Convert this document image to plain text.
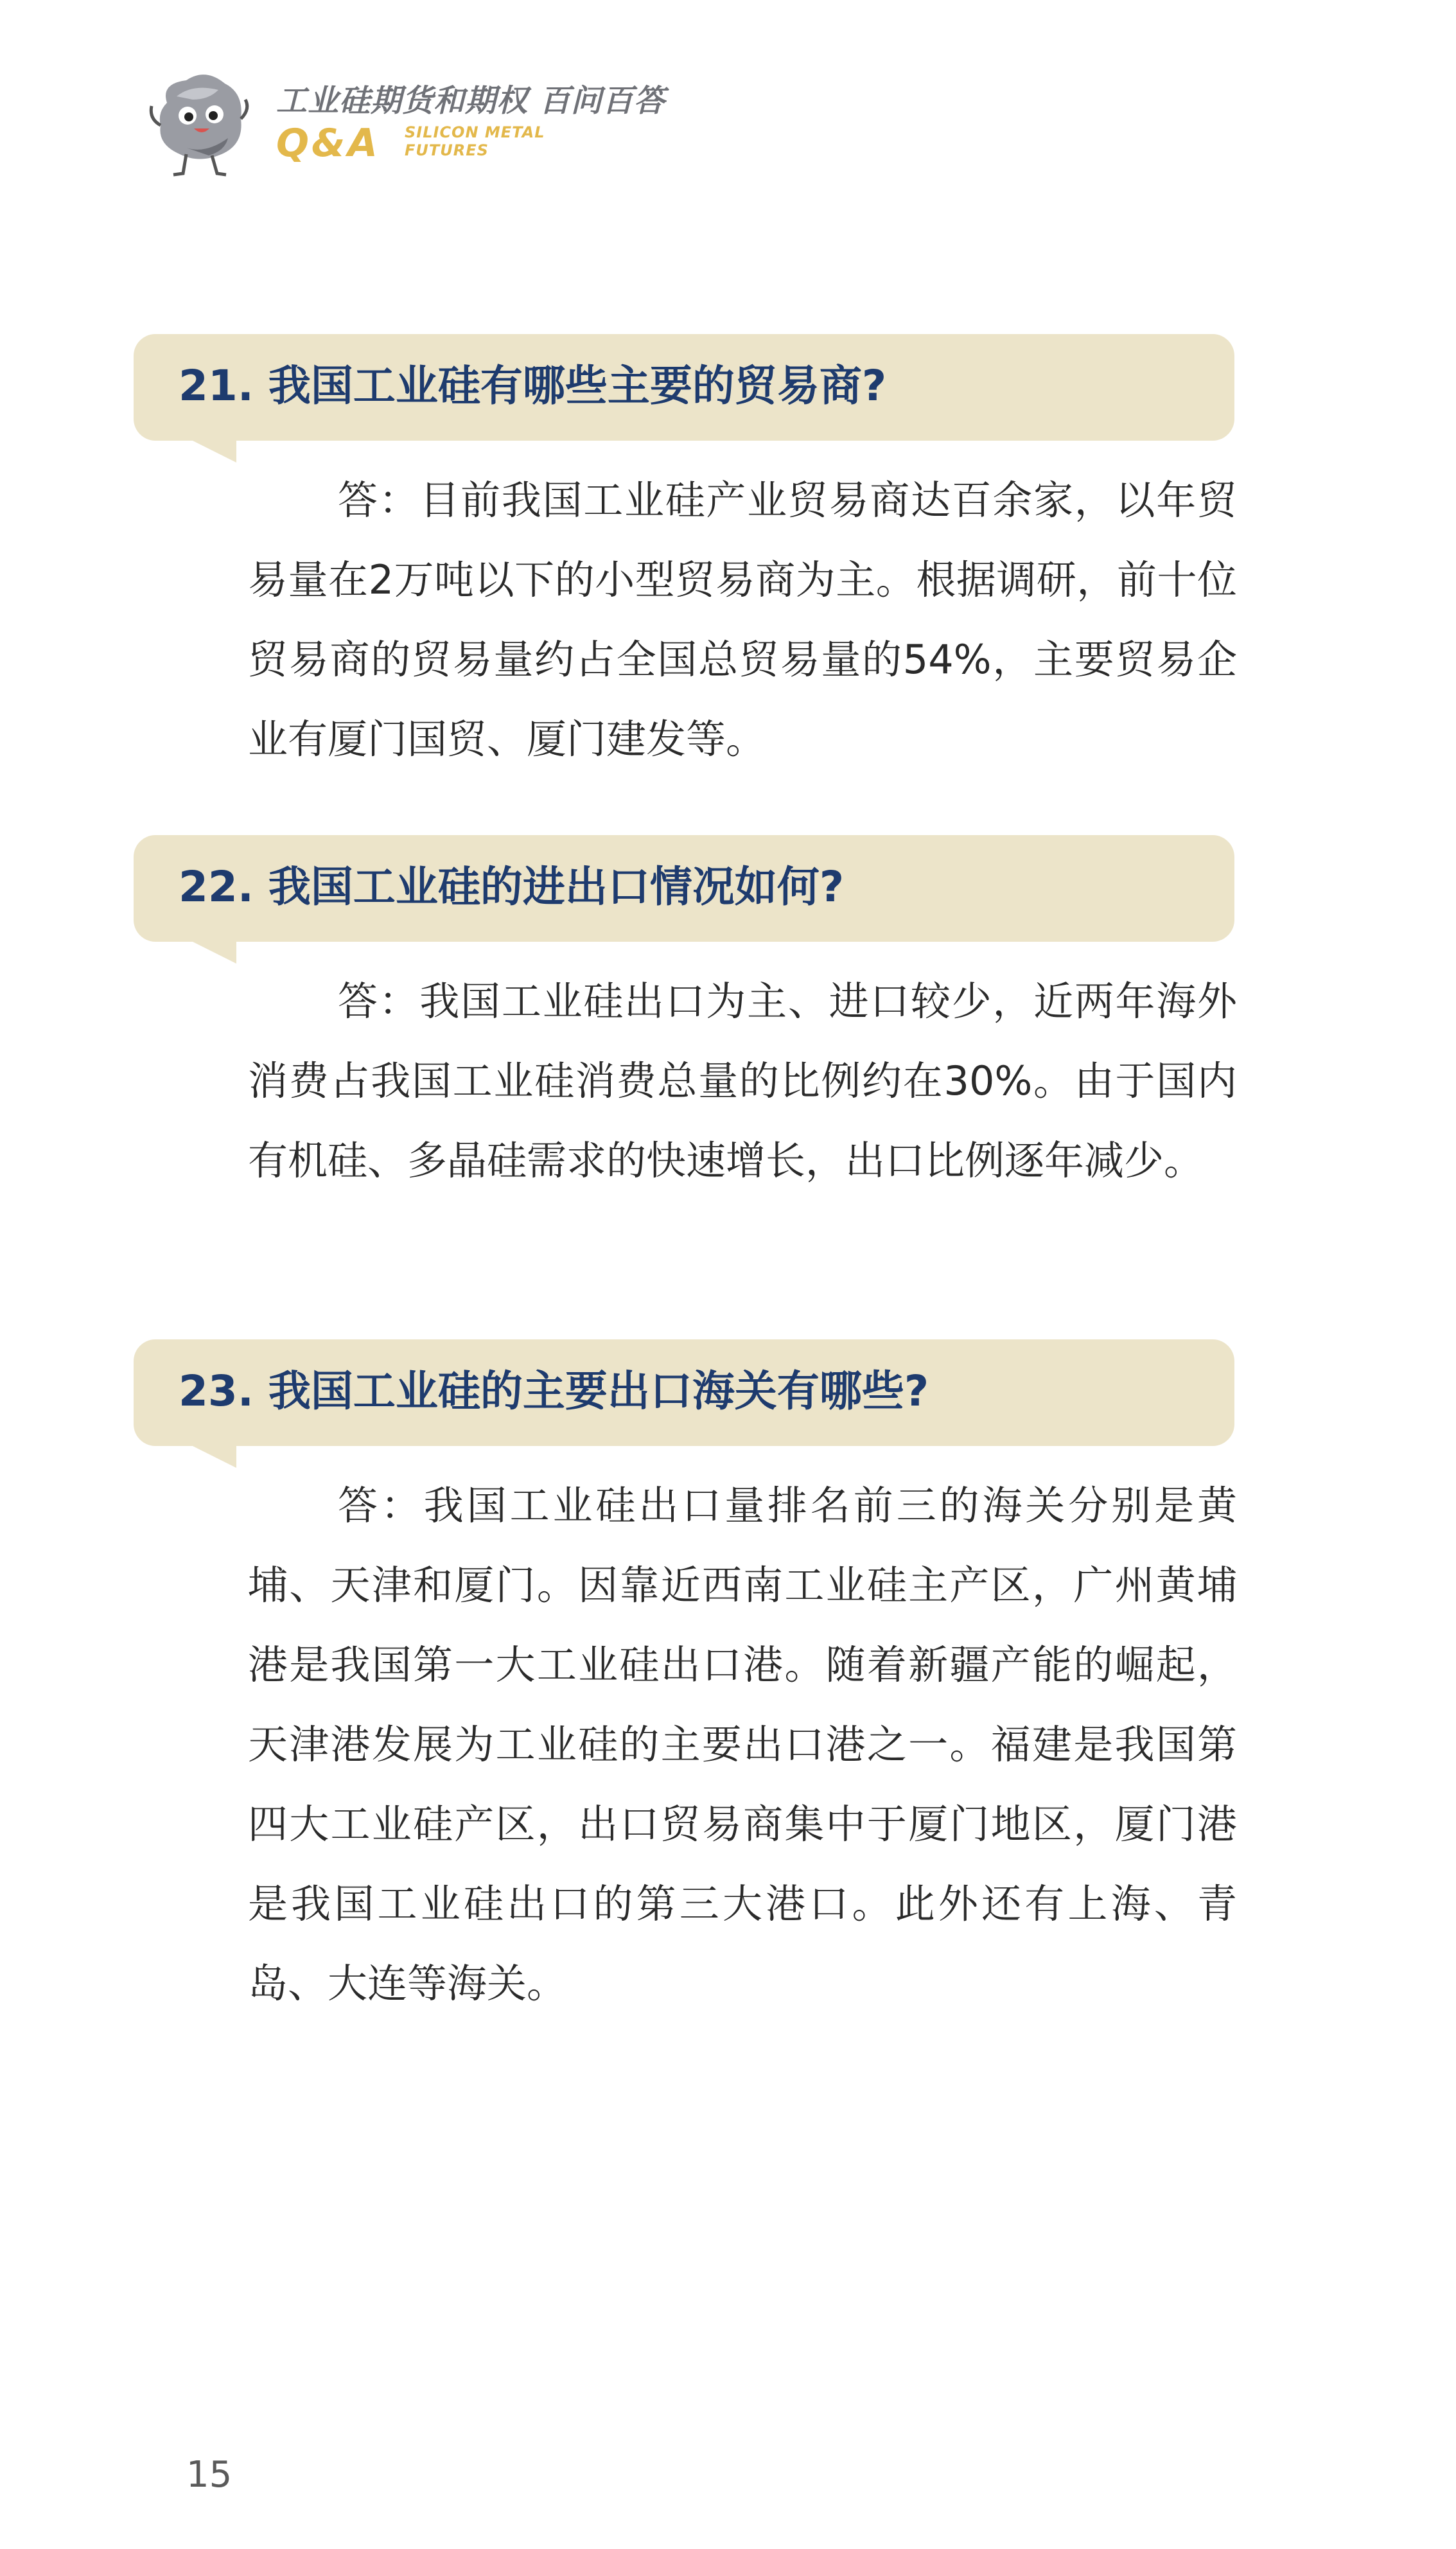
工业硅期货和期权 百问百答
Q&A SILICON METAL
FUTURES
21. 我国工业硅有哪些主要的贸易商?

答：目前我国工业硅产业贸易商达百余家，以年贸易量在2万吨以下的小型贸易商为主。根据调研，前十位贸易商的贸易量约占全国总贸易量的54%，主要贸易企业有厦门国贸、厦门建发等。

22. 我国工业硅的进出口情况如何?

答：我国工业硅出口为主、进口较少，近两年海外消费占我国工业硅消费总量的比例约在30%。由于国内有机硅、多晶硅需求的快速增长，出口比例逐年减少。

23. 我国工业硅的主要出口海关有哪些?

答：我国工业硅出口量排名前三的海关分别是黄埔、天津和厦门。因靠近西南工业硅主产区，广州黄埔港是我国第一大工业硅出口港。随着新疆产能的崛起，天津港发展为工业硅的主要出口港之一。福建是我国第四大工业硅产区，出口贸易商集中于厦门地区，厦门港是我国工业硅出口的第三大港口。此外还有上海、青岛、大连等海关。

15
